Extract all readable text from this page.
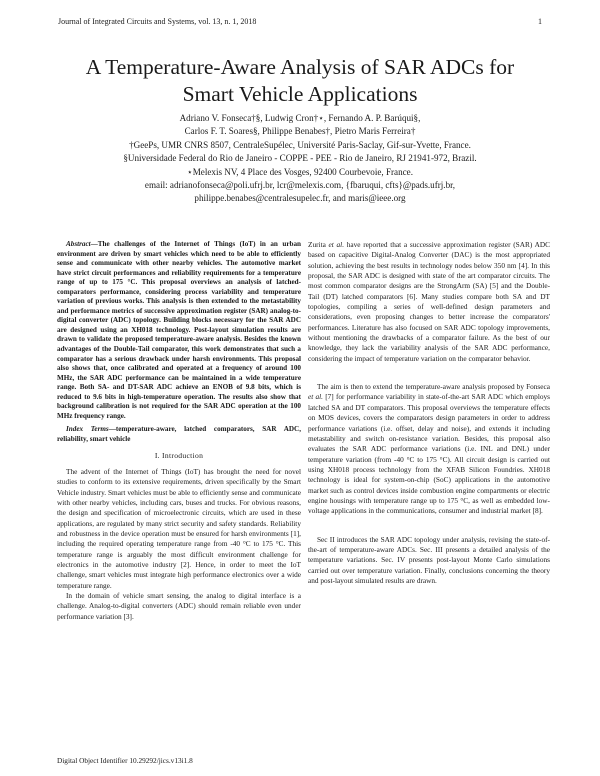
Journal of Integrated Circuits and Systems, vol. 13, n. 1, 2018	1
A Temperature-Aware Analysis of SAR ADCs for
Smart Vehicle Applications
Adriano V. Fonseca†§, Ludwig Cron†⋆, Fernando A. P. Barúqui§,
Carlos F. T. Soares§, Philippe Benabes†, Pietro Maris Ferreira†
†GeePs, UMR CNRS 8507, CentraleSupélec, Université Paris-Saclay, Gif-sur-Yvette, France.
§Universidade Federal do Rio de Janeiro - COPPE - PEE - Rio de Janeiro, RJ 21941-972, Brazil.
⋆Melexis NV, 4 Place des Vosges, 92400 Courbevoie, France.
email: adrianofonseca@poli.ufrj.br, lcr@melexis.com, {fbaruqui, cfts}@pads.ufrj.br,
philippe.benabes@centralesupelec.fr, and maris@ieee.org

Abstract—The challenges of the Internet of Things (IoT) in an urban environment are driven by smart vehicles which need to be able to efficiently sense and communicate with other nearby vehicles. The automotive market have strict circuit performances and reliability requirements for a temperature range of up to 175 °C. This proposal overviews an analysis of latched-comparators performance, considering process variability and temperature variation of previous works. This analysis is then extended to the metastability and performance metrics of successive approximation register (SAR) analog-to-digital converter (ADC) topology. Building blocks necessary for the SAR ADC are designed using an XH018 technology. Post-layout simulation results are drawn to validate the proposed temperature-aware analysis. Besides the known advantages of the Double-Tail comparator, this work demonstrates that such a comparator has a serious drawback under harsh environments. This proposal also shows that, once calibrated and operated at a frequency of around 100 MHz, the SAR ADC performance can be maintained in a wide temperature range. Both SA- and DT-SAR ADC achieve an ENOB of 9.8 bits, which is reduced to 9.6 bits in high-temperature operation. The results also show that background calibration is not required for the SAR ADC operation at the 100 MHz frequency range.

Index Terms—temperature-aware, latched comparators, SAR ADC, reliability, smart vehicle

I. Introduction

The advent of the Internet of Things (IoT) has brought the need for novel studies to conform to its extensive requirements, driven specifically by the Smart Vehicle industry. Smart vehicles must be able to efficiently sense and communicate with other nearby vehicles, including cars, buses and trucks. For obvious reasons, the design and specification of microelectronic circuits, which are used in these applications, are regulated by many strict security and safety standards. Reliability and robustness in the device operation must be ensured for harsh environments [1], including the required operating temperature range from -40 °C to 175 °C. This temperature range is arguably the most difficult environment challenge for electronics in the automotive industry [2]. Hence, in order to meet the IoT challenge, smart vehicles must integrate high performance electronics over a wide temperature range.

In the domain of vehicle smart sensing, the analog to digital interface is a challenge. Analog-to-digital converters (ADC) should remain reliable even under performance variation [3].

Zurita et al. have reported that a successive approximation register (SAR) ADC based on capacitive Digital-Analog Converter (DAC) is the most appropriated solution, achieving the best results in technology nodes below 350 nm [4]. In this proposal, the SAR ADC is designed with state of the art comparator circuits. The most common comparator designs are the StrongArm (SA) [5] and the Double-Tail (DT) latched comparators [6]. Many studies compare both SA and DT topologies, compiling a series of well-defined design parameters and considerations, even proposing changes to better increase the comparators' performances. Literature has also focused on SAR ADC topology improvements, without mentioning the drawbacks of a comparator failure. As the best of our knowledge, they lack the variability analysis of the SAR ADC performance, considering the impact of temperature variation on the comparator behavior.

The aim is then to extend the temperature-aware analysis proposed by Fonseca et al. [7] for performance variability in state-of-the-art SAR ADC which employs latched SA and DT comparators. This proposal overviews the temperature effects on MOS devices, covers the comparators design parameters in order to address performance variations (i.e. offset, delay and noise), and extends it including metastability and switch on-resistance variation. Besides, this proposal also evaluates the SAR ADC performance variations (i.e. INL and DNL) under temperature variation (from -40 °C to 175 °C). All circuit design is carried out using XH018 process technology from the XFAB Silicon Foundries. XH018 technology is ideal for system-on-chip (SoC) applications in the automotive market such as control devices inside combustion engine compartments or electric engine housings with temperature range up to 175 °C, as well as embedded low-voltage applications in the communications, consumer and industrial market [8].

Sec II introduces the SAR ADC topology under analysis, revising the state-of-the-art of temperature-aware ADCs. Sec. III presents a detailed analysis of the temperature variations. Sec. IV presents post-layout Monte Carlo simulations carried out over temperature variation. Finally, conclusions concerning the theory and post-layout simulated results are drawn.

Digital Object Identifier 10.29292/jics.v13i1.8
